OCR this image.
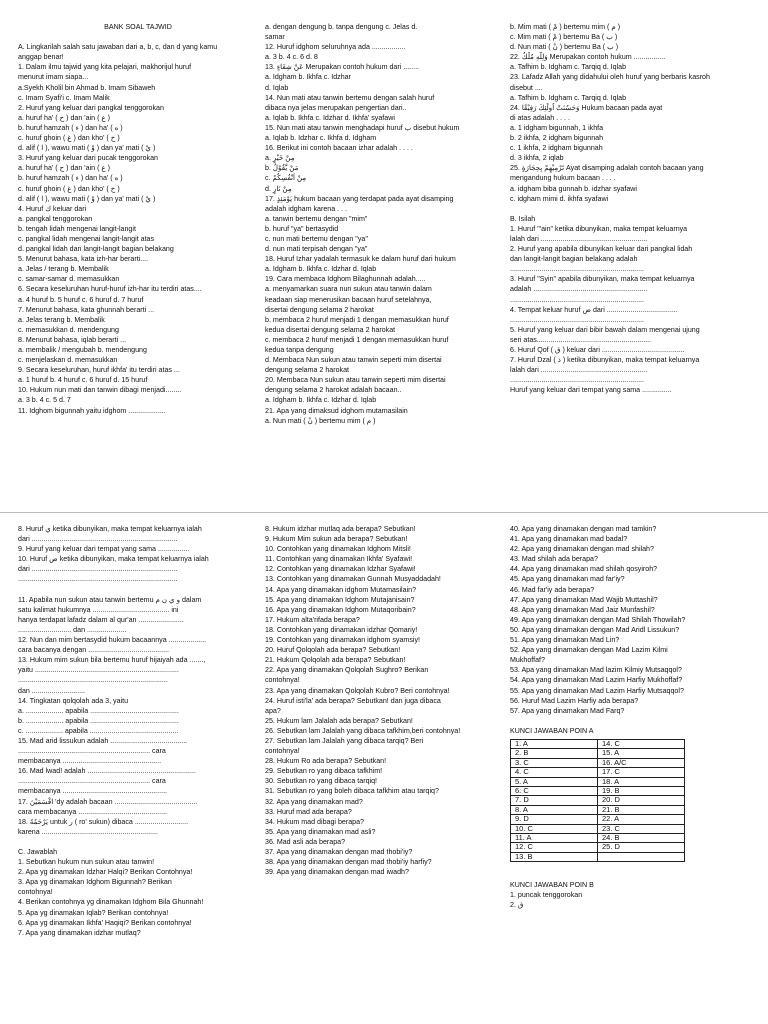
BANK SOAL TAJWID

A. Lingkarilah salah satu jawaban dari a, b, c, dan d yang kamu
anggap benar!
1. Dalam ilmu tajwid yang kita pelajari, makhorijul huruf
menurut imam siapa...
a.Syekh Kholil bin Ahmad b. Imam Sibaweh
c. Imam Syafi'i c. Imam Malik
2. Huruf yang keluar dari pangkal tenggorokan
a. huruf ha' ( ح ) dan 'ain ( ع )
b. huruf hamzah ( ء ) dan ha' ( ه )
c. huruf ghoin ( غ ) dan kho' ( خ )
d. alif ( ا ), wawu mati ( وْ ) dan ya' mati ( يْ )
3. Huruf yang keluar dari pucak tenggorokan
a. huruf ha' ( ح ) dan 'ain ( ع )
b. huruf hamzah ( ء ) dan ha' ( ه )
c. huruf ghoin ( غ ) dan kho' ( خ )
d. alif ( ا ), wawu mati ( وْ ) dan ya' mati ( يْ )
4. Huruf ك keluar dari
a. pangkal tenggorokan
b. tengah lidah mengenai langit-langit
c. pangkal lidah mengenai langit-langit atas
d. pangkal lidah dan langit-langit bagian belakang
5. Menurut bahasa, kata izh-har berarti....
a. Jelas / terang b. Membalik
c. samar-samar d. memasukkan
6. Secara keseluruhan huruf-huruf izh-har itu terdiri atas....
a. 4 huruf b. 5 huruf c. 6 huruf d. 7 huruf
7. Menurut bahasa, kata ghunnah berarti ...
a. Jelas terang b. Membalik
c. memasukkan d. mendengung
8. Menurut bahasa, iqlab berarti ...
a. membalik / mengubah b. mendengung
c. menjelaskan d. memasukkan
9. Secara keseluruhan, huruf ikhfa' itu terdiri atas ...
a. 1 huruf b. 4 huruf c. 6 huruf d. 15 huruf
10. Hukum nun mati dan tanwin dibagi menjadi........
a. 3 b. 4 c. 5 d. 7
11. Idghom bigunnah yaitu idghom ...................
a. dengan dengung b. tanpa dengung c. Jelas d.
samar
12. Huruf idghom seluruhnya ada .................
a. 3 b. 4 c. 6 d. 8
13. عَنْ شِفَاءٍ Merupakan contoh hukum dari ........
a. Idgham b. Ikhfa c. Idzhar
d. Iqlab
14. Nun mati atau tanwin bertemu dengan salah huruf
dibaca nya jelas merupakan pengertian dari..
a. Iqlab b. Ikhfa c. Idzhar d. Ikhfa' syafawi
15. Nun mati atau tanwin menghadapi huruf ب disebut hukum
a. Iqlab b. Idzhar c. Ikhfa d. Idgham
16. Berikut ini contoh bacaan izhar adalah . . . .
a. مِنْ خَيْرٍ
b. مَنْ يَّقُوْلُ
c. مِنْ اَنْفُسِكُمْ
d. مِنْ نَارٍ
17. يَوْمَئِذٍ hukum bacaan yang terdapat pada ayat disamping
adalah idgham karena . . .
a. tanwin bertemu dengan "mim"
b. huruf "ya" bertasydid
c. nun mati bertemu dengan "ya"
d. nun mati terpisah dengan "ya"
18. Huruf Izhar yadalah termasuk ke dalam huruf dari hukum
a. Idgham b. Ikhfa c. Idzhar d. Iqlab
19. Cara membaca Idghom Bilaghunnah adalah.....
a. menyamarkan suara nun sukun atau tanwin dalam
keadaan siap menerusikan bacaan huruf setelahnya,
disertai dengung selama 2 harokat
b. membaca 2 huruf menjadi 1 dengan memasukkan huruf
kedua disertai dengung selama 2 harokat
c. membaca 2 huruf menjadi 1 dengan memasukkan huruf
kedua tanpa dengung
d. Membaca Nun sukun atau tanwin seperti mim disertai
dengung selama 2 harokat
20. Membaca Nun sukun atau tanwin seperti mim disertai
dengung selama 2 harokat adalah bacaan..
a. Idgham b. Ikhfa c. Idzhar d. Iqlab
21. Apa yang dimaksud idghom mutamasilain
a. Nun mati ( نْ ) bertemu mim ( م )
b. Mim mati ( مْ ) bertemu mim ( م )
c. Mim mati ( مْ ) bertemu Ba ( ب )
d. Nun mati ( نْ ) bertemu Ba ( ب )
22. وَلِلَّهِ مُلْكُ Merupakan contoh hukum ................
a. Tafhim b. Idgham c. Tarqiq d. Iqlab
23. Lafadz Allah yang didahului oleh huruf yang berbaris kasroh
disebut ....
a. Tafhim b. Idgham c. Tarqiq d. Iqlab
24. وَحَسُنَتْ اُولٰٓئِكَ رَفِيْقًا Hukum bacaan pada ayat
di atas adalah . . . .
a. 1 idgham bigunnah, 1 ikhfa
b. 2 ikhfa, 2 idgham bigunnah
c. 1 ikhfa, 2 idgham bigunnah
d. 3 ikhfa, 2 iqlab
25. تَرْمِيْهِمْ بِحِجَارَةٍ Ayat disamping adalah contoh bacaan yang
mengandung hukum bacaan . . . .
a. idgham biba gunnah b. idzhar syafawi
c. idgham mimi d. ikhfa syafawi

B. Isilah
1. Huruf "'ain" ketika dibunyikan, maka tempat keluarnya
lalah dari ......................................................
2. Huruf yang apabila dibunyikan keluar dari pangkal lidah
dan langit-langit bagian belakang adalah
....................................................................
3. Huruf "Syin" apabila dibunyikan, maka tempat keluarnya
adalah ..........................................................
....................................................................
4. Tempat keluar huruf ض dari ....................................
....................................................................
5. Huruf yang keluar dari bibir bawah dalam mengenai ujung
seri atas..........................................................
6. Huruf Qof ( ق ) keluar dari ..........................................
7. Huruf Dzal ( ذ ) ketika dibunyikan, maka tempat keluarnya
lalah dari ......................................................
....................................................................
Huruf yang keluar dari tempat yang sama ...............
8. Huruf ي ketika dibunyikan, maka tempat keluarnya ialah
dari ..........................................................................
9. Huruf yang keluar dari tempat yang sama ................
10. Huruf ص ketika dibunyikan, maka tempat keluarnya ialah
dari ..........................................................................
.................................................................................

11. Apabila nun sukun atau tanwin bertemu و ي ن م dalam
satu kalimat hukumnya ....................................... ini
hanya terdapat lafadz dalam al qur'an .......................
........................... dan ....................
12. Nun dan mim bertasydid hukum bacaannya ...................
cara bacanya dengan .........................................
13. Hukum mim sukun bila bertemu huruf hijaiyah ada .......,
yaitu .........................................................................
............................................................................
dan ...........................
14. Tingkatan qolqolah ada 3, yaitu
a. ................... apabila .............................................
b. ................... apabila .............................................
c. ................... apabila .............................................
15. Mad arid lissukun adalah .......................................
................................................................... cara
membacanya ..................................................
16. Mad lwad! adalah .......................................................
................................................................... cara
membacanya .....................................................
17. اقْسَمَيْنَ 'dy adalah bacaan ..........................................
cara membacanya .............................................
18. يَرْحَمُهُ untuk ر ( ro' sukun) dibaca ...........................
karena ...........................................................

C. Jawablah
1. Sebutkan hukum nun sukun atau tanwin!
2. Apa yg dinamakan Idzhar Halqi? Berikan Contohnya!
3. Apa yg dinamakan Idghom Bigunnah? Berikan
contohnya!
4. Berikan contohnya yg dinamakan Idghom Bila Ghunnah!
5. Apa yg dinamakan Iqlab? Berikan contohnya!
6. Apa yg dinamakan Ikhfa' Haqiqi? Berikan contohnya!
7. Apa yang dinamakan idzhar mutlaq?
8. Hukum idzhar mutlaq ada berapa? Sebutkan!
9. Hukum Mim sukun ada berapa? Sebutkan!
10. Contohkan yang dinamakan Idghom Mitsli!
11. Contohkan yang dinamakan Ikhfa' Syafawi!
12. Contohkan yang dinamakan Idzhar Syafawi!
13. Contohkan yang dinamakan Gunnah Musyaddadah!
14. Apa yang dinamakan idghom Mutamasilain?
15. Apa yang dinamakan Idghom Mutajanisain?
16. Apa yang dinamakan Idghom Mutaqoribain?
17. Hukum alta'rifada berapa?
18. Contohkan yang dinamakan idzhar Qomariy!
19. Contohkan yang dinamakan idghom syamsiy!
20. Huruf Qolqolah ada berapa? Sebutkan!
21. Hukum Qolqolah ada berapa? Sebutkan!
22. Apa yang dinamakan Qolqolah Sughro? Berikan
contohnya!
23. Apa yang dinamakan Qolqolah Kubro? Beri contohnya!
24. Huruf isti'la' ada berapa? Sebutkan! dan juga dibaca
apa?
25. Hukum lam Jalalah ada berapa? Sebutkan!
26. Sebutkan lam Jalalah yang dibaca tafkhim,beri contohnya!
27. Sebutkan lam Jalalah yang dibaca tarqiq? Beri
contohnya!
28. Hukum Ro ada berapa? Sebutkan!
29. Sebutkan ro yang dibaca tafkhim!
30. Sebutkan ro yang dibaca tarqiq!
31. Sebutkan ro yang boleh dibaca tafkhim atau tarqiq?
32. Apa yang dinamakan mad?
33. Huruf mad ada berapa?
34. Hukum mad dibagi berapa?
35. Apa yang dinamakan mad asli?
36. Mad asli ada berapa?
37. Apa yang dinamakan dengan mad thobi'iy?
38. Apa yang dinamakan dengan mad thobi'iy harfiy?
39. Apa yang dinamakan dengan mad iwadh?
40. Apa yang dinamakan dengan mad tamkin?
41. Apa yang dinamakan mad badal?
42. Apa yang dinamakan dengan mad shilah?
43. Mad shilah ada berapa?
44. Apa yang dinamakan mad shilah qosyiroh?
45. Apa yang dinamakan mad far'iy?
46. Mad far'iy ada berapa?
47. Apa yang dinamakan Mad Wajib Muttashil?
48. Apa yang dinamakan Mad Jaiz Munfashil?
49. Apa yang dinamakan dengan Mad Shilah Thowilah?
50. Apa yang dinamakan dengan Mad Aridl Lissukun?
51. Apa yang dinamakan Mad Lin?
52. Apa yang dinamakan dengan Mad Lazim Kilmi
Mukhoffaf?
53. Apa yang dinamakan Mad lazim Kilmiy Mutsaqqol?
54. Apa yang dinamakan Mad Lazim Harfiy Mukhoffaf?
55. Apa yang dinamakan Mad Lazim Harfiy Mutsaqqol?
56. Huruf Mad Lazim Harfiy ada berapa?
57. Apa yang dinamakan Mad Farq?

KUNCI JAWABAN POIN A
1. A	14. C
2. B	15. A
3. C	16. A/C
4. C	17. C
5. A	18. A
6. C	19. B
7. D	20. D
8. A	21. B
9. D	22. A
10. C	23. C
11. A	24. B
12. C	25. D
13. B	
KUNCI JAWABAN POIN B
1. puncak tenggorokan
2. ق
